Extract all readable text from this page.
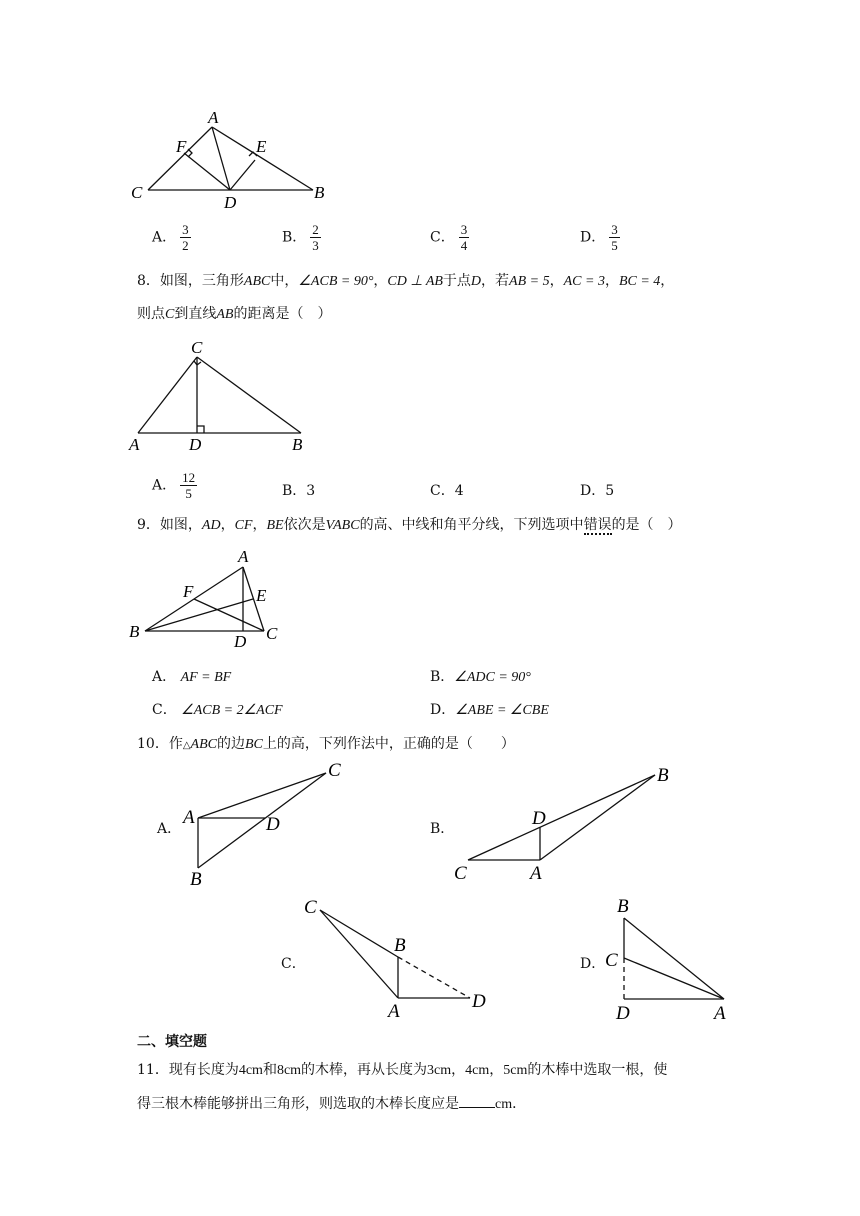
A
F	E
C
D
B
A． $\frac{3}{2}$	B． $\frac{2}{3}$	C． $\frac{3}{4}$	D． $\frac{3}{5}$
8．如图，三角形ABC中，∠ACB = 90°，CD ⊥ AB于点D，若AB = 5，AC = 3，BC = 4，
则点C到直线AB的距离是（　）
C
A	D	B
A． $\frac{12}{5}$	B．3	C．4	D．5
9．如图，AD，CF，BE依次是VABC的高、中线和角平分线，下列选项中错误的是（　）
A
F	E
B
D C
A． AF = BF	B．∠ADC = 90°
C． ∠ACB = 2∠ACF	D．∠ABE = ∠CBE
10．作△ABC的边BC上的高，下列作法中，正确的是（　　）
A．
C
A	D
B
B．
B
D
C	A
C．
C
B
A	D
D．
B
C
D	A
二、填空题
11．现有长度为4cm和8cm的木棒，再从长度为3cm，4cm，5cm的木棒中选取一根，使
得三根木棒能够拼出三角形，则选取的木棒长度应是	cm．
